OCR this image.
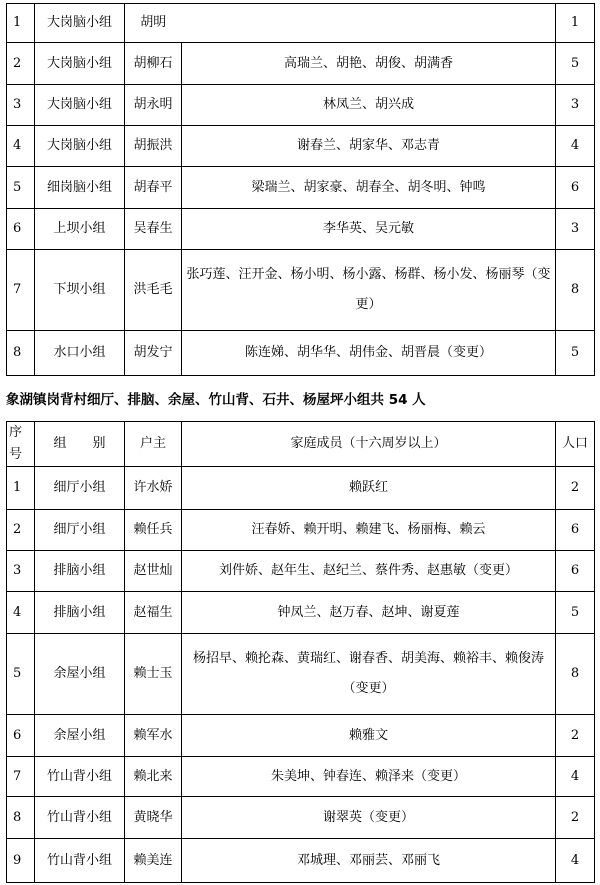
1	大岗脑小组	胡明		1
2	大岗脑小组	胡柳石	高瑞兰、胡艳、胡俊、胡满香	5
3	大岗脑小组	胡永明	林凤兰、胡兴成	3
4	大岗脑小组	胡振洪	谢春兰、胡家华、邓志青	4
5	细岗脑小组	胡春平	梁瑞兰、胡家豪、胡春全、胡冬明、钟鸣	6
6	上坝小组	吴春生	李华英、吴元敏	3
7	下坝小组	洪毛毛	张巧莲、汪开金、杨小明、杨小露、杨群、杨小发、杨丽琴（变更）	8
8	水口小组	胡发宁	陈连娣、胡华华、胡伟金、胡晋晨（变更）	5
象湖镇岗背村细厅、排脑、余屋、竹山背、石井、杨屋坪小组共 54 人
序号	组　　别	户主	家庭成员（十六周岁以上）	人口
1	细厅小组	许水娇	赖跃红	2
2	细厅小组	赖任兵	汪春娇、赖开明、赖建飞、杨丽梅、赖云	6
3	排脑小组	赵世灿	刘件娇、赵年生、赵纪兰、蔡件秀、赵惠敏（变更）	6
4	排脑小组	赵福生	钟凤兰、赵万春、赵坤、谢夏莲	5
5	余屋小组	赖士玉	杨招早、赖抡森、黄瑞红、谢春香、胡美海、赖裕丰、赖俊涛（变更）	8
6	余屋小组	赖军水	赖雅文	2
7	竹山背小组	赖北来	朱美坤、钟春连、赖泽来（变更）	4
8	竹山背小组	黄晓华	谢翠英（变更）	2
9	竹山背小组	赖美连	邓城理、邓丽芸、邓丽飞	4
